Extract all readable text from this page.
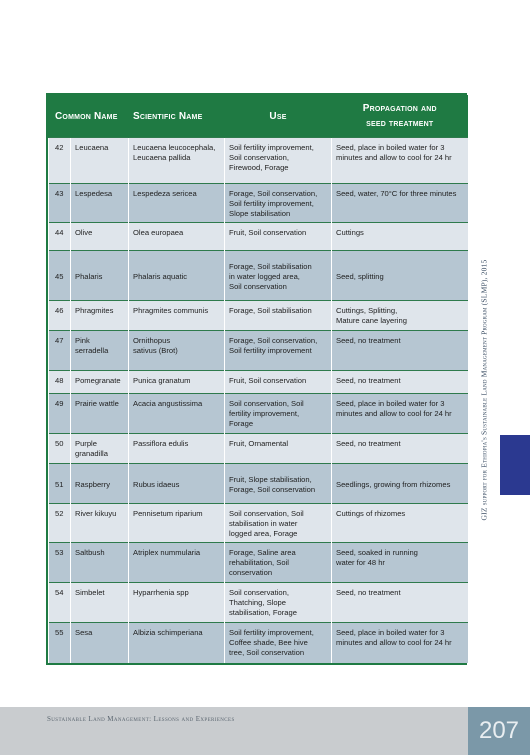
Common Name		Scientific Name	Use	Propagation and
seed treatment

42	Leucaena	Leucaena leucocephala,
Leucaena pallida	Soil fertility improvement,
Soil conservation,
Firewood, Forage	Seed, place in boiled water for 3
minutes and allow to cool for 24 hr
43	Lespedesa	Lespedeza sericea	Forage, Soil conservation,
Soil fertility improvement,
Slope stabilisation	Seed, water, 70°C for three minutes
44	Olive	Olea europaea	Fruit, Soil conservation	Cuttings
45	Phalaris	Phalaris aquatic	Forage, Soil stabilisation
in water logged area,
Soil conservation	Seed, splitting
46	Phragmites	Phragmites communis	Forage, Soil stabilisation	Cuttings, Splitting,
Mature cane layering
47	Pink
serradella	Ornithopus
sativus (Brot)	Forage, Soil conservation,
Soil fertility improvement	Seed, no treatment
48	Pomegranate	Punica granatum	Fruit, Soil conservation	Seed, no treatment
49	Prairie wattle	Acacia angustissima	Soil conservation, Soil
fertility improvement,
Forage	Seed, place in boiled water for 3
minutes and allow to cool for 24 hr
50	Purple
granadilla	Passiflora edulis	Fruit, Ornamental	Seed, no treatment
51	Raspberry	Rubus idaeus	Fruit, Slope stabilisation,
Forage, Soil conservation	Seedlings, growing from rhizomes
52	River kikuyu	Pennisetum riparium	Soil conservation, Soil
stabilisation in water
logged area, Forage	Cuttings of rhizomes
53	Saltbush	Atriplex nummularia	Forage, Saline area
rehabilitation, Soil
conservation	Seed, soaked in running
water for 48 hr
54	Simbelet	Hyparrhenia spp	Soil conservation,
Thatching, Slope
stabilisation, Forage	Seed, no treatment
55	Sesa	Albizia schimperiana	Soil fertility improvement,
Coffee shade, Bee hive
tree, Soil conservation	Seed, place in boiled water for 3
minutes and allow to cool for 24 hr
GIZ support for Ethiopia's Sustainable Land Management Program (SLMP), 2015
Sustainable Land Management: Lessons and Experiences	207
